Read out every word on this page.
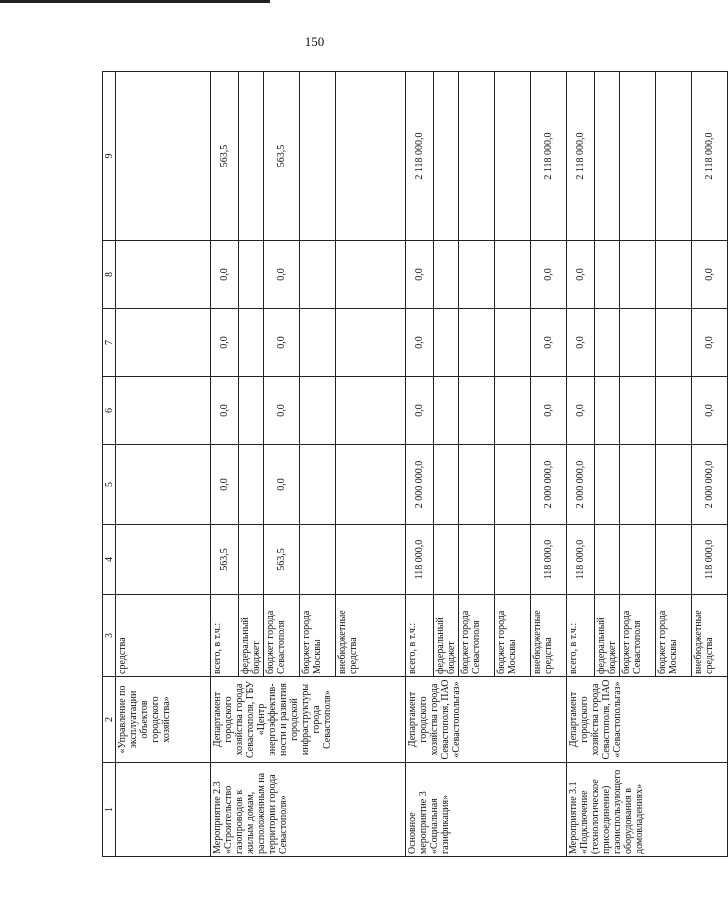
150
1	2	3	4	5	6	7	8	9
	«Управление по эксплуатации объектов городского хозяйства»	средства						
Мероприятие 2.3 «Строительство газопроводов к жилым домам, расположенным на территории города Севастополя»	Департамент городского хозяйства города Севастополя, ГБУ «Центр энергоэффектив-ности и развития городской инфраструктуры города Севастополя»	всего, в т.ч.:	563,5	0,0	0,0	0,0	0,0	563,5
		федеральный бюджет						
		бюджет города Севастополя	563,5	0,0	0,0	0,0	0,0	563,5
		бюджет города Москвы						
		внебюджетные средства						
Основное мероприятие 3 «Социальная газификация»	Департамент городского хозяйства города Севастополя, ПАО «Севастопольгаз»	всего, в т.ч.:	118 000,0	2 000 000,0	0,0	0,0	0,0	2 118 000,0
		федеральный бюджет						
		бюджет города Севастополя						
		бюджет города Москвы						
		внебюджетные средства	118 000,0	2 000 000,0	0,0	0,0	0,0	2 118 000,0
Мероприятие 3.1 «Подключение (технологическое присоединение) газоиспользующего оборудования в домовладениях»	Департамент городского хозяйства города Севастополя, ПАО «Севастопольгаз»	всего, в т.ч.:	118 000,0	2 000 000,0	0,0	0,0	0,0	2 118 000,0
		федеральный бюджет						
		бюджет города Севастополя						
		бюджет города Москвы						
		внебюджетные средства	118 000,0	2 000 000,0	0,0	0,0	0,0	2 118 000,0
